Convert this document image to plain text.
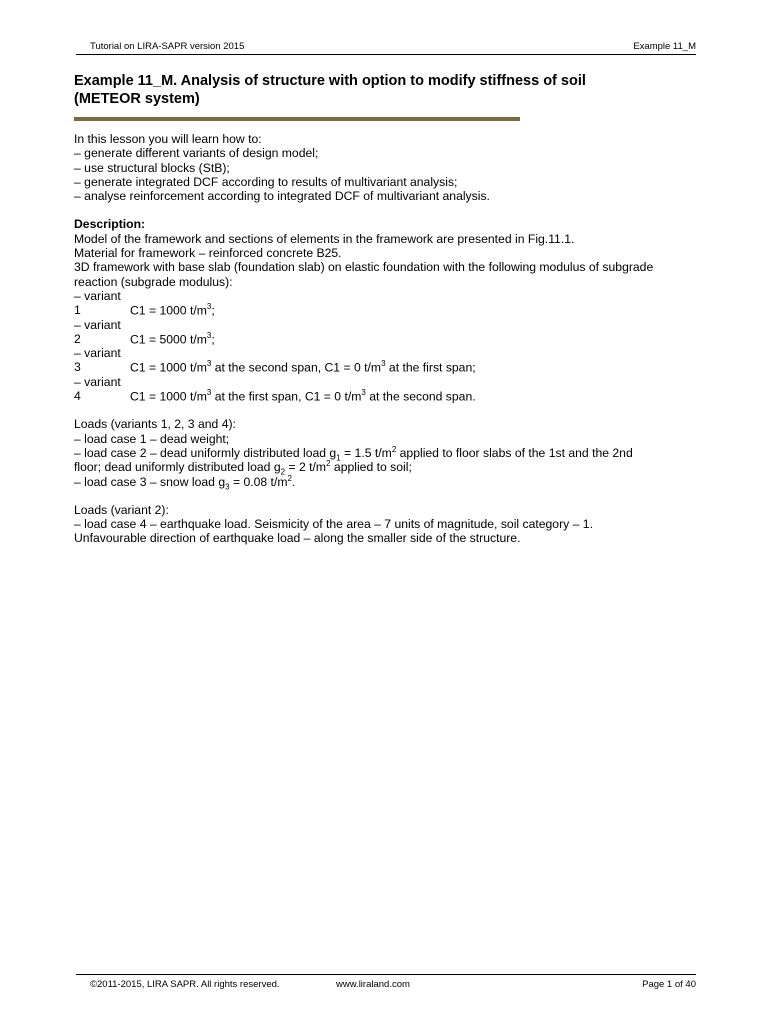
Tutorial on LIRA-SAPR version 2015	Example 11_M
Example 11_M. Analysis of structure with option to modify stiffness of soil
(METEOR system)

In this lesson you will learn how to:

– generate different variants of design model;

– use structural blocks (StB);

– generate integrated DCF according to results of multivariant analysis;

– analyse reinforcement according to integrated DCF of multivariant analysis.

Description:

Model of the framework and sections of elements in the framework are presented in Fig.11.1.

Material for framework – reinforced concrete B25.

3D framework with base slab (foundation slab) on elastic foundation with the following modulus of subgrade

reaction (subgrade modulus):

– variant 1	C1 = 1000 $t/m^3$;

– variant 2	C1 = 5000 $t/m^3$;

– variant 3	C1 = 1000 $t/m^3$ at the second span, C1 = 0 $t/m^3$ at the first span;

– variant 4	C1 = 1000 $t/m^3$ at the first span, C1 = 0 $t/m^3$ at the second span.

Loads (variants 1, 2, 3 and 4):

– load case 1 – dead weight;

– load case 2 – dead uniformly distributed load $g_1 = 1.5$ $t/m^2$ applied to floor slabs of the 1st and the 2nd

floor; dead uniformly distributed load $g_2 = 2$ $t/m^2$ applied to soil;

– load case 3 – snow load $g_3 = 0.08$ $t/m^2$.

Loads (variant 2):

– load case 4 – earthquake load. Seismicity of the area – 7 units of magnitude, soil category – 1.

Unfavourable direction of earthquake load – along the smaller side of the structure.

©2011-2015, LIRA SAPR. All rights reserved.	www.liraland.com	Page 1 of 40
